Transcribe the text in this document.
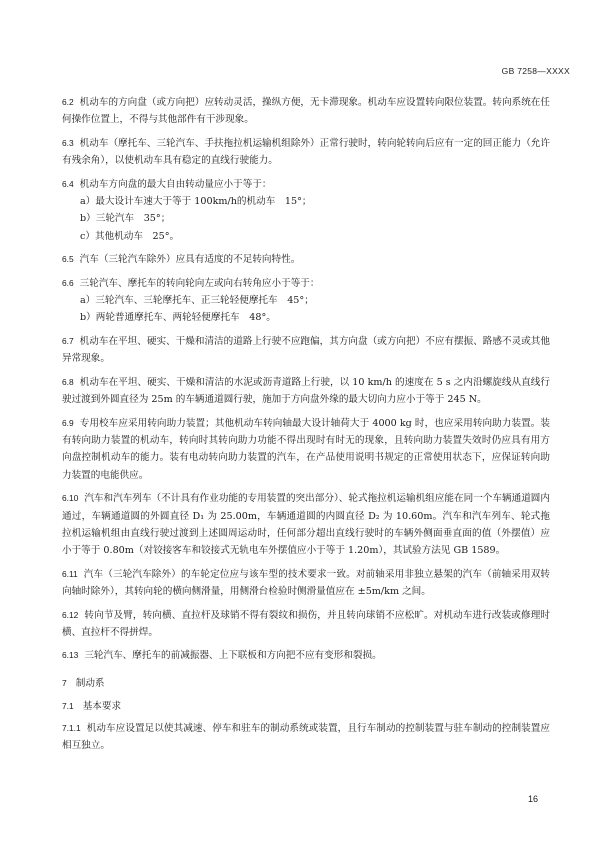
GB 7258—XXXX

6.2 机动车的方向盘（或方向把）应转动灵活，操纵方便，无卡滞现象。机动车应设置转向限位装置。转向系统在任何操作位置上，不得与其他部件有干涉现象。

6.3 机动车（摩托车、三轮汽车、手扶拖拉机运输机组除外）正常行驶时，转向轮转向后应有一定的回正能力（允许有残余角），以使机动车具有稳定的直线行驶能力。

6.4 机动车方向盘的最大自由转动量应小于等于：

a）最大设计车速大于等于 100km/h的机动车　15°；
b）三轮汽车　35°；
c）其他机动车　25°。

6.5 汽车（三轮汽车除外）应具有适度的不足转向特性。

6.6 三轮汽车、摩托车的转向轮向左或向右转角应小于等于：

a）三轮汽车、三轮摩托车、正三轮轻便摩托车　45°；
b）两轮普通摩托车、两轮轻便摩托车　48°。

6.7 机动车在平坦、硬实、干燥和清洁的道路上行驶不应跑偏，其方向盘（或方向把）不应有摆振、路感不灵或其他异常现象。

6.8 机动车在平坦、硬实、干燥和清洁的水泥或沥青道路上行驶，以 10 km/h 的速度在 5 s 之内沿螺旋线从直线行驶过渡到外圆直径为 25m 的车辆通道圆行驶，施加于方向盘外缘的最大切向力应小于等于 245 N。

6.9 专用校车应采用转向助力装置；其他机动车转向轴最大设计轴荷大于 4000 kg 时，也应采用转向助力装置。装有转向助力装置的机动车，转向时其转向助力功能不得出现时有时无的现象，且转向助力装置失效时仍应具有用方向盘控制机动车的能力。装有电动转向助力装置的汽车，在产品使用说明书规定的正常使用状态下，应保证转向助力装置的电能供应。

6.10 汽车和汽车列车（不计具有作业功能的专用装置的突出部分）、轮式拖拉机运输机组应能在同一个车辆通道圆内通过，车辆通道圆的外圆直径 D₁ 为 25.00m，车辆通道圆的内圆直径 D₂ 为 10.60m。汽车和汽车列车、轮式拖拉机运输机组由直线行驶过渡到上述圆周运动时，任何部分超出直线行驶时的车辆外侧面垂直面的值（外摆值）应小于等于 0.80m（对铰接客车和铰接式无轨电车外摆值应小于等于 1.20m），其试验方法见 GB 1589。

6.11 汽车（三轮汽车除外）的车轮定位应与该车型的技术要求一致。对前轴采用非独立悬架的汽车（前轴采用双转向轴时除外），其转向轮的横向侧滑量，用侧滑台检验时侧滑量值应在 ±5m/km 之间。

6.12 转向节及臂，转向横、直拉杆及球销不得有裂纹和损伤，并且转向球销不应松旷。对机动车进行改装或修理时横、直拉杆不得拼焊。

6.13 三轮汽车、摩托车的前减振器、上下联板和方向把不应有变形和裂损。

7 制动系
7.1 基本要求

7.1.1 机动车应设置足以使其减速、停车和驻车的制动系统或装置，且行车制动的控制装置与驻车制动的控制装置应相互独立。

16
